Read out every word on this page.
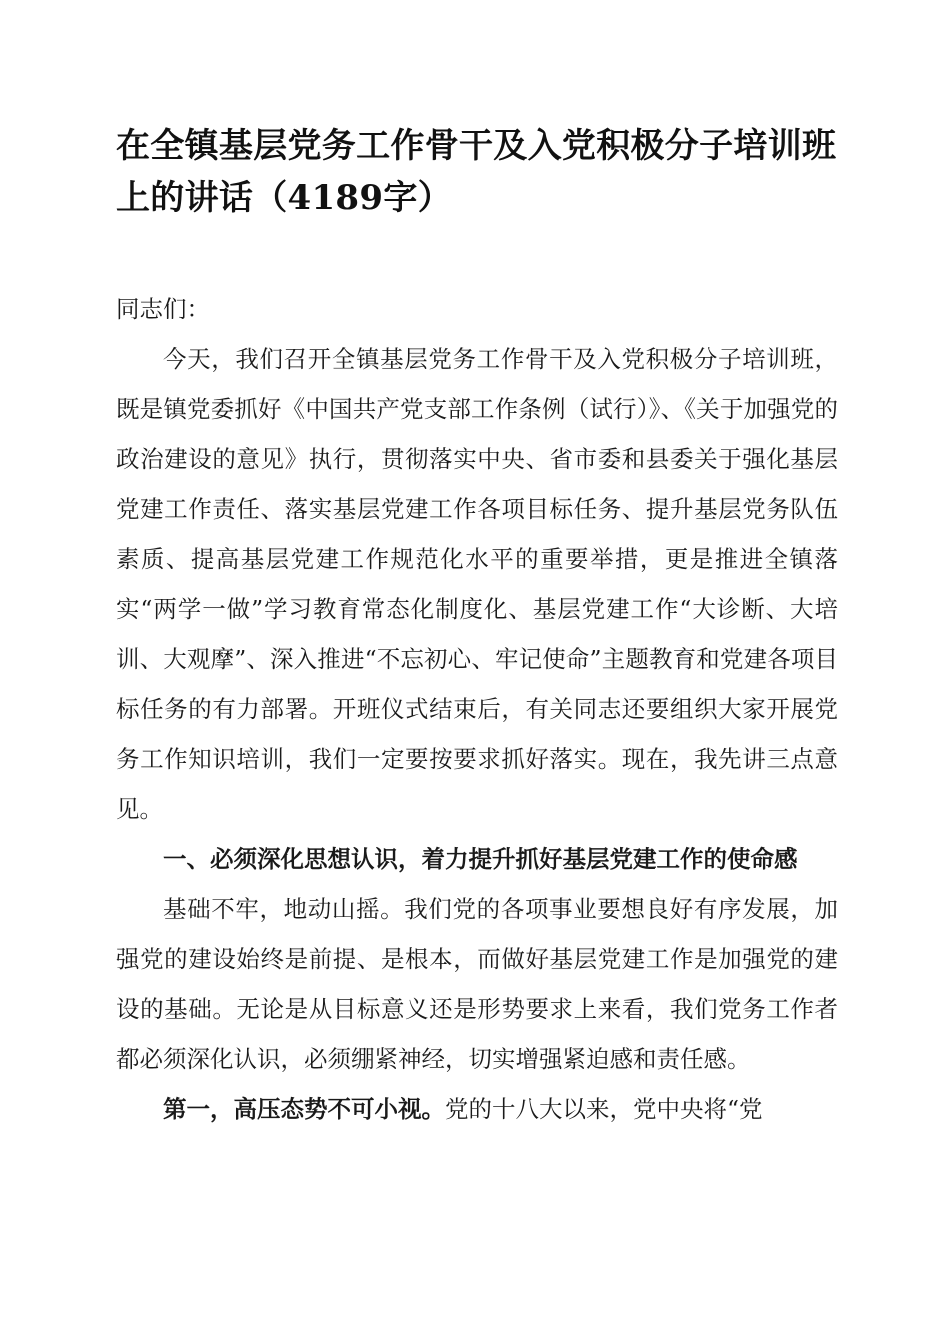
在全镇基层党务工作骨干及入党积极分子培训班上的讲话（4189字）

同志们：

今天，我们召开全镇基层党务工作骨干及入党积极分子培训班，既是镇党委抓好《中国共产党支部工作条例（试行）》、《关于加强党的政治建设的意见》执行，贯彻落实中央、省市委和县委关于强化基层党建工作责任、落实基层党建工作各项目标任务、提升基层党务队伍素质、提高基层党建工作规范化水平的重要举措，更是推进全镇落实“两学一做”学习教育常态化制度化、基层党建工作“大诊断、大培训、大观摩”、深入推进“不忘初心、牢记使命”主题教育和党建各项目标任务的有力部署。开班仪式结束后，有关同志还要组织大家开展党务工作知识培训，我们一定要按要求抓好落实。现在，我先讲三点意见。

一、必须深化思想认识，着力提升抓好基层党建工作的使命感

基础不牢，地动山摇。我们党的各项事业要想良好有序发展，加强党的建设始终是前提、是根本，而做好基层党建工作是加强党的建设的基础。无论是从目标意义还是形势要求上来看，我们党务工作者都必须深化认识，必须绷紧神经，切实增强紧迫感和责任感。

第一，高压态势不可小视。党的十八大以来，党中央将“党
